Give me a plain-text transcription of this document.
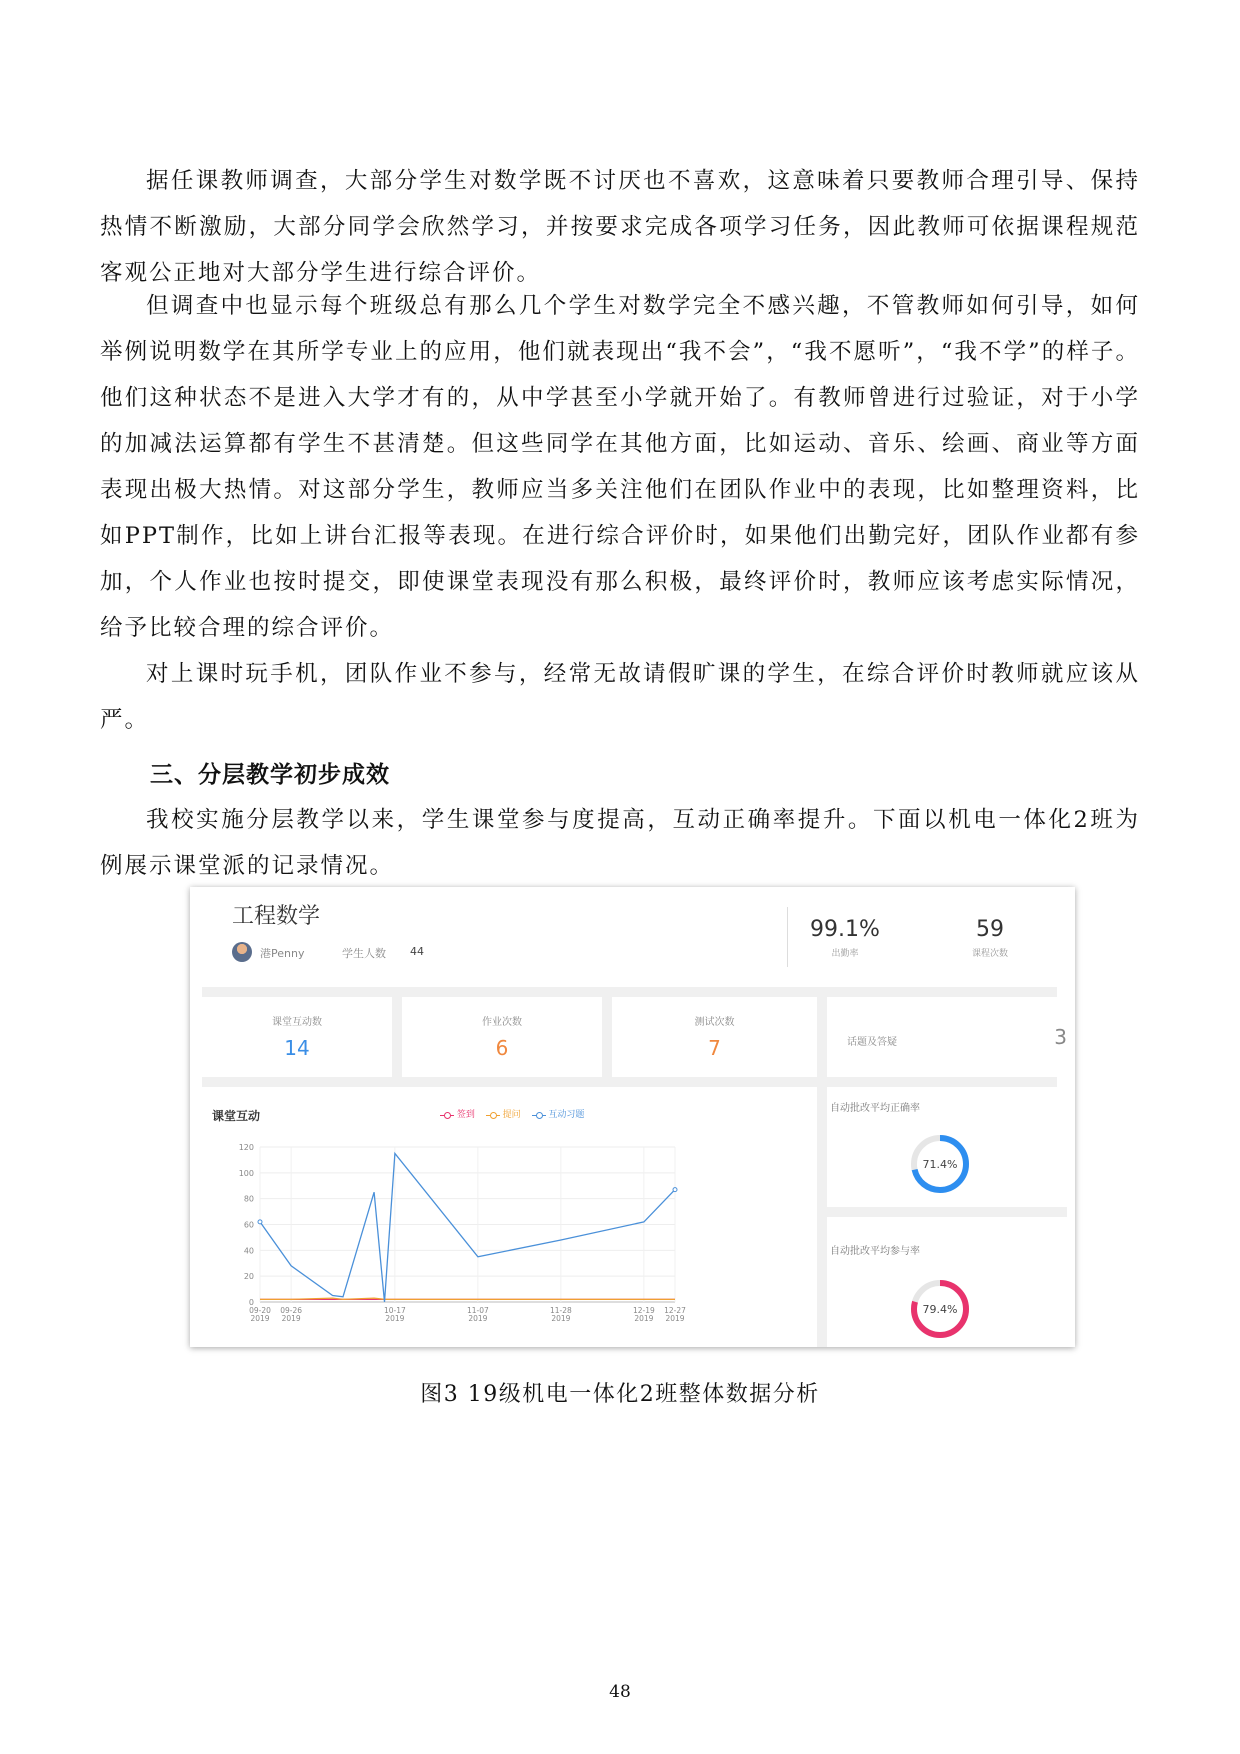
据任课教师调查，大部分学生对数学既不讨厌也不喜欢，这意味着只要教师合理引导、保持热情不断激励，大部分同学会欣然学习，并按要求完成各项学习任务，因此教师可依据课程规范客观公正地对大部分学生进行综合评价。

但调查中也显示每个班级总有那么几个学生对数学完全不感兴趣，不管教师如何引导，如何举例说明数学在其所学专业上的应用，他们就表现出“我不会”，“我不愿听”，“我不学”的样子。他们这种状态不是进入大学才有的，从中学甚至小学就开始了。有教师曾进行过验证，对于小学的加减法运算都有学生不甚清楚。但这些同学在其他方面，比如运动、音乐、绘画、商业等方面表现出极大热情。对这部分学生，教师应当多关注他们在团队作业中的表现，比如整理资料，比如PPT制作，比如上讲台汇报等表现。在进行综合评价时，如果他们出勤完好，团队作业都有参加，个人作业也按时提交，即使课堂表现没有那么积极，最终评价时，教师应该考虑实际情况，给予比较合理的综合评价。

对上课时玩手机，团队作业不参与，经常无故请假旷课的学生，在综合评价时教师就应该从严。

三、分层教学初步成效

我校实施分层教学以来，学生课堂参与度提高，互动正确率提升。下面以机电一体化2班为例展示课堂派的记录情况。

工程数学
港Penny	学生人数 44
99.1%
出勤率
59
课程次数
课堂互动数
14
作业次数
6
测试次数
7	话题及答疑	3
课堂互动	签到	提问	互动习题
0
20
40
60
80
100
120
09-20
2019
09-26
2019
10-17
2019
11-07
2019
11-28
2019
12-19
2019
12-27
2019
自动批改平均正确率
71.4%
自动批改平均参与率
79.4%
图3 19级机电一体化2班整体数据分析
48
